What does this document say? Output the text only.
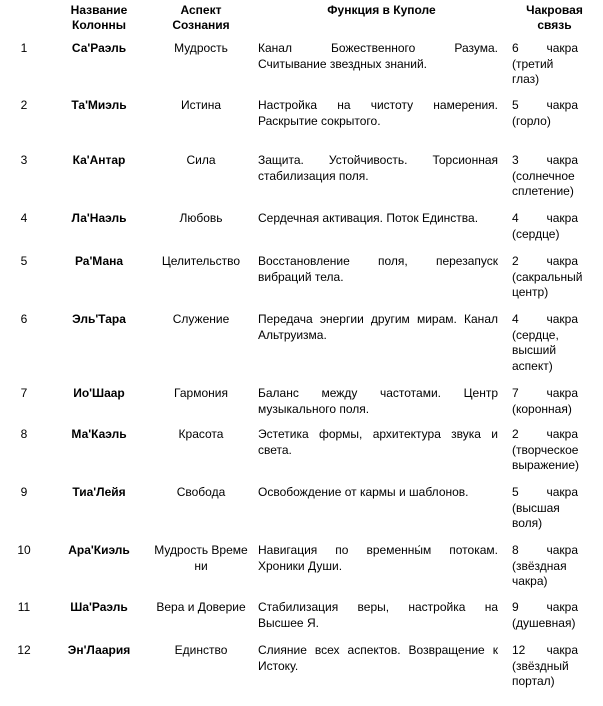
	Название Колонны	Аспект Сознания	Функция в Куполе	Чакровая связь
1	Са'Раэль	Мудрость	Канал Божественного Разума. Считывание звездных знаний.	6 чакра (третий глаз)

2	Та'Миэль	Истина	Настройка на чистоту намерения. Раскрытие сокрытого.	5 чакра (горло)

3	Ка'Антар	Сила	Защита. Устойчивость. Торсионная стабилизация поля.	3 чакра (солнечное сплетение)

4	Ла'Наэль	Любовь	Сердечная активация. Поток Единства.	4 чакра (сердце)

5	Ра'Мана	Целительство	Восстановление поля, перезапуск вибраций тела.	2 чакра (сакральный центр)

6	Эль'Тара	Служение	Передача энергии другим мирам. Канал Альтруизма.	4 чакра (сердце, высший аспект)

7	Ио'Шаар	Гармония	Баланс между частотами. Центр музыкального поля.	7 чакра (коронная)

8	Ма'Каэль	Красота	Эстетика формы, архитектура звука и света.	2 чакра (творческое выражение)

9	Тиа'Лейя	Свобода	Освобождение от кармы и шаблонов.	5 чакра (высшая воля)

10	Ара'Киэль	Мудрость Времени	Навигация по временны́м потокам. Хроники Души.	8 чакра (звёздная чакра)

11	Ша'Раэль	Вера и Доверие	Стабилизация веры, настройка на Высшее Я.	9 чакра (душевная)

12	Эн'Лаария	Единство	Слияние всех аспектов. Возвращение к Истоку.	12 чакра (звёздный портал)
